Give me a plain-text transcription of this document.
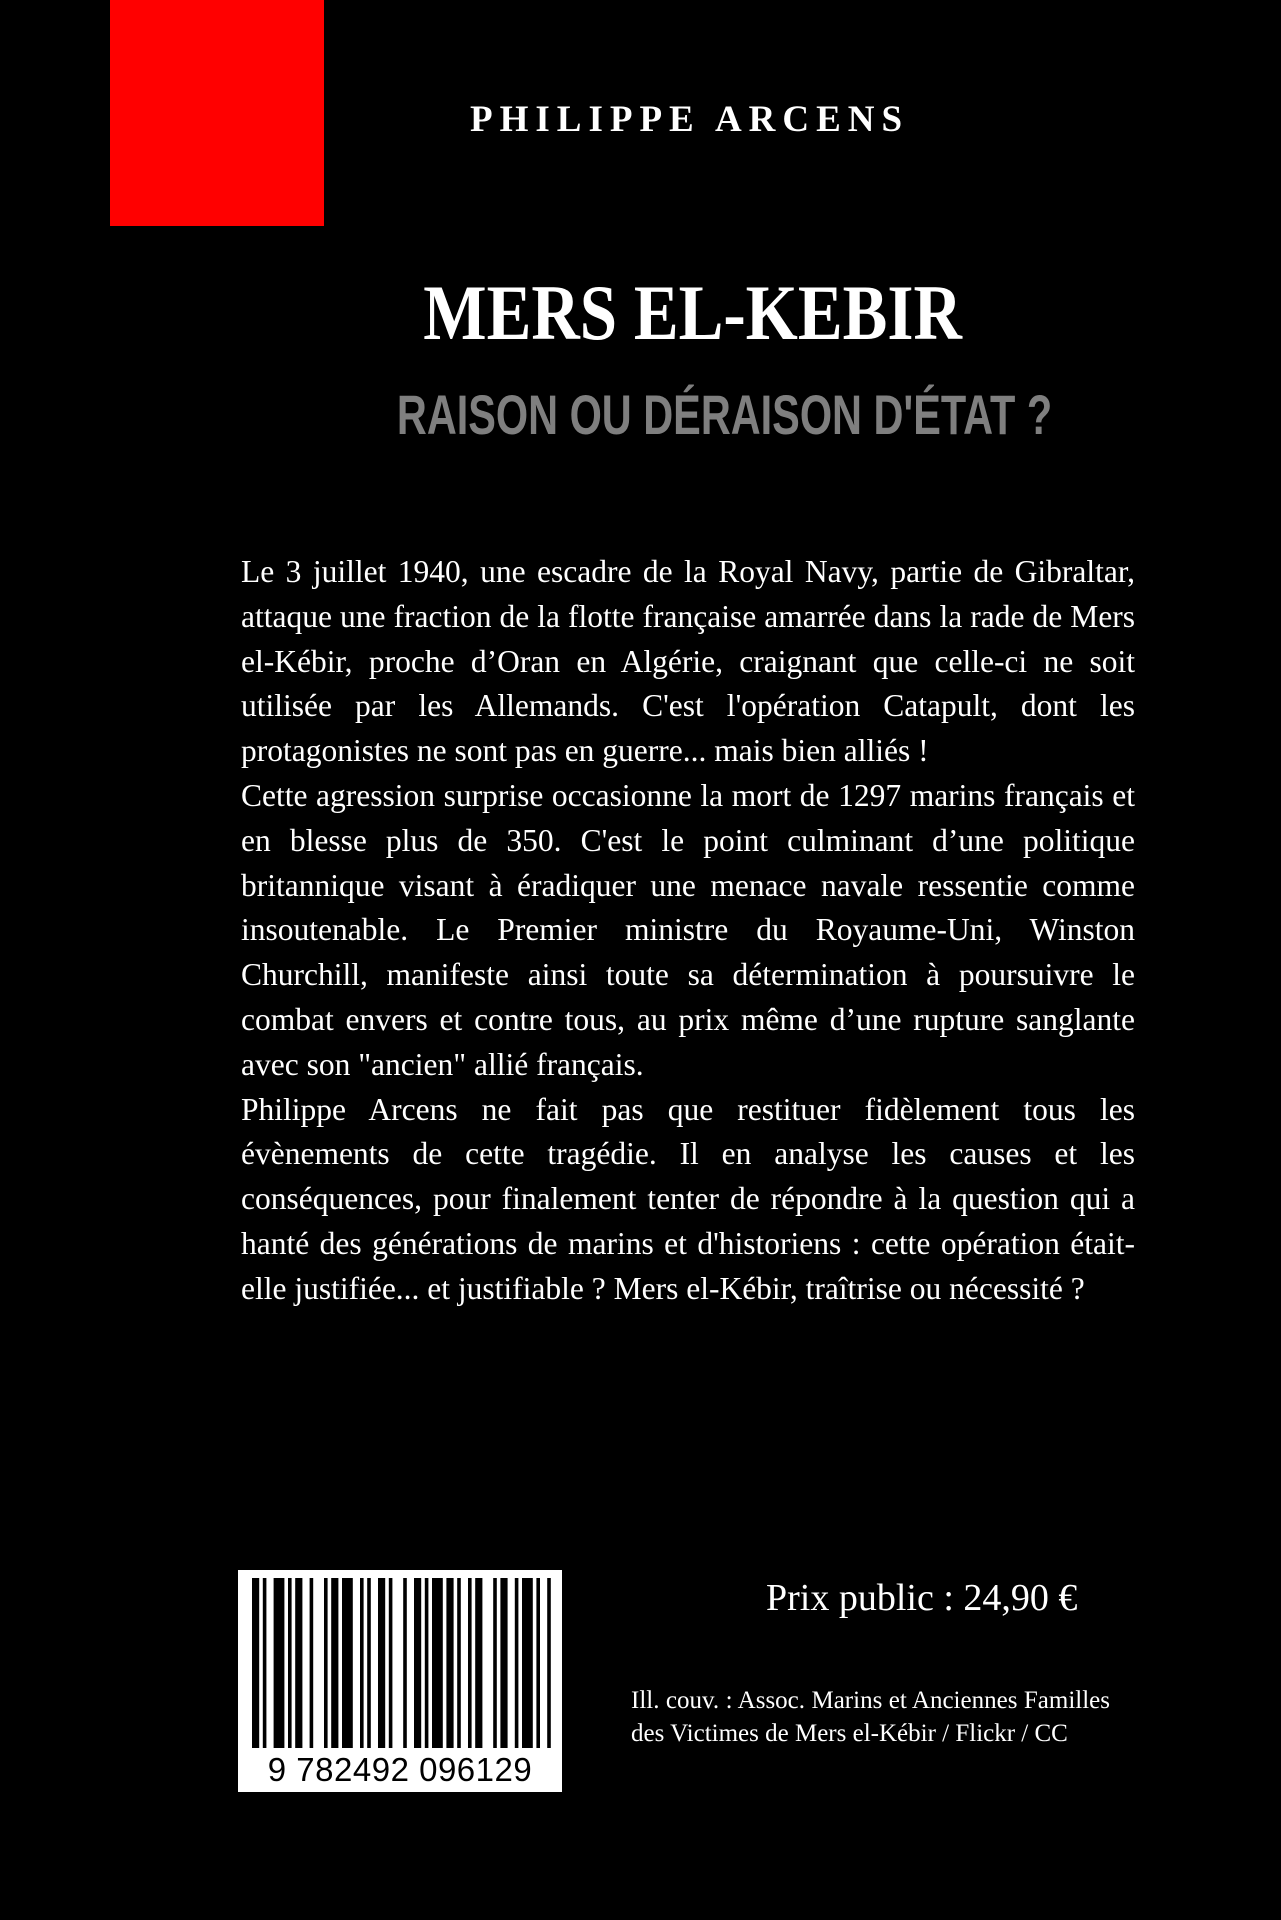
PHILIPPE ARCENS
MERS EL-KEBIR
RAISON OU DÉRAISON D'ÉTAT ?

Le 3 juillet 1940, une escadre de la Royal Navy, partie de Gibraltar, attaque une fraction de la flotte française amarrée dans la rade de Mers el-Kébir, proche d’Oran en Algérie, craignant que celle-ci ne soit utilisée par les Allemands. C'est l'opération Catapult, dont les protagonistes ne sont pas en guerre... mais bien alliés !

Cette agression surprise occasionne la mort de 1297 marins français et en blesse plus de 350. C'est le point culminant d’une politique britannique visant à éradiquer une menace navale ressentie comme insoutenable. Le Premier ministre du Royaume-Uni, Winston Churchill, manifeste ainsi toute sa détermination à poursuivre le combat envers et contre tous, au prix même d’une rupture sanglante avec son "ancien" allié français.

Philippe Arcens ne fait pas que restituer fidèlement tous les évènements de cette tragédie. Il en analyse les causes et les conséquences, pour finalement tenter de répondre à la question qui a hanté des générations de marins et d'historiens : cette opération était-elle justifiée... et justifiable ? Mers el-Kébir, traîtrise ou nécessité ?

9 782492 096129
Prix public : 24,90 €
Ill. couv. : Assoc. Marins et Anciennes Familles des Victimes de Mers el-Kébir / Flickr / CC
